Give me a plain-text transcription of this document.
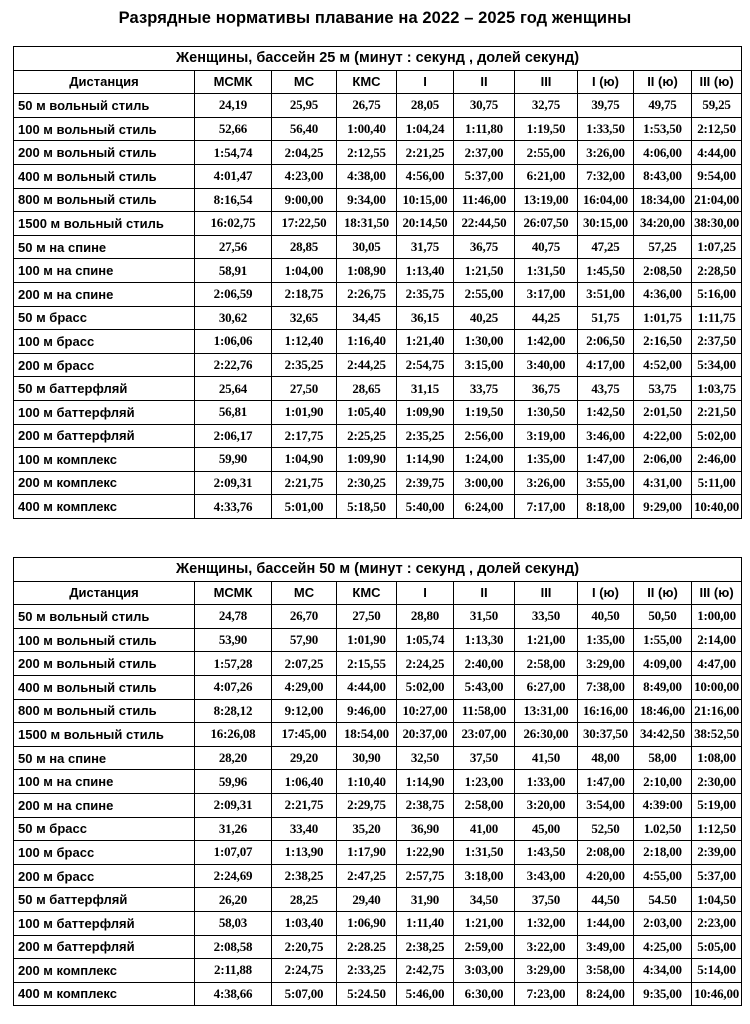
Разрядные нормативы плавание на 2022 – 2025 год женщины
Женщины, бассейн 25 м (минут : секунд , долей секунд)									
Дистанция	МСМК	МС	КМС	I	II	III	I (ю)	II (ю)	III (ю)
50 м вольный стиль	24,19	25,95	26,75	28,05	30,75	32,75	39,75	49,75	59,25
100 м вольный стиль	52,66	56,40	1:00,40	1:04,24	1:11,80	1:19,50	1:33,50	1:53,50	2:12,50
200 м вольный стиль	1:54,74	2:04,25	2:12,55	2:21,25	2:37,00	2:55,00	3:26,00	4:06,00	4:44,00
400 м вольный стиль	4:01,47	4:23,00	4:38,00	4:56,00	5:37,00	6:21,00	7:32,00	8:43,00	9:54,00
800 м вольный стиль	8:16,54	9:00,00	9:34,00	10:15,00	11:46,00	13:19,00	16:04,00	18:34,00	21:04,00
1500 м вольный стиль	16:02,75	17:22,50	18:31,50	20:14,50	22:44,50	26:07,50	30:15,00	34:20,00	38:30,00
50 м на спине	27,56	28,85	30,05	31,75	36,75	40,75	47,25	57,25	1:07,25
100 м на спине	58,91	1:04,00	1:08,90	1:13,40	1:21,50	1:31,50	1:45,50	2:08,50	2:28,50
200 м на спине	2:06,59	2:18,75	2:26,75	2:35,75	2:55,00	3:17,00	3:51,00	4:36,00	5:16,00
50 м брасс	30,62	32,65	34,45	36,15	40,25	44,25	51,75	1:01,75	1:11,75
100 м брасс	1:06,06	1:12,40	1:16,40	1:21,40	1:30,00	1:42,00	2:06,50	2:16,50	2:37,50
200 м брасс	2:22,76	2:35,25	2:44,25	2:54,75	3:15,00	3:40,00	4:17,00	4:52,00	5:34,00
50 м баттерфляй	25,64	27,50	28,65	31,15	33,75	36,75	43,75	53,75	1:03,75
100 м баттерфляй	56,81	1:01,90	1:05,40	1:09,90	1:19,50	1:30,50	1:42,50	2:01,50	2:21,50
200 м баттерфляй	2:06,17	2:17,75	2:25,25	2:35,25	2:56,00	3:19,00	3:46,00	4:22,00	5:02,00
100 м комплекс	59,90	1:04,90	1:09,90	1:14,90	1:24,00	1:35,00	1:47,00	2:06,00	2:46,00
200 м комплекс	2:09,31	2:21,75	2:30,25	2:39,75	3:00,00	3:26,00	3:55,00	4:31,00	5:11,00
400 м комплекс	4:33,76	5:01,00	5:18,50	5:40,00	6:24,00	7:17,00	8:18,00	9:29,00	10:40,00
Женщины, бассейн 50 м (минут : секунд , долей секунд)									
Дистанция	МСМК	МС	КМС	I	II	III	I (ю)	II (ю)	III (ю)
50 м вольный стиль	24,78	26,70	27,50	28,80	31,50	33,50	40,50	50,50	1:00,00
100 м вольный стиль	53,90	57,90	1:01,90	1:05,74	1:13,30	1:21,00	1:35,00	1:55,00	2:14,00
200 м вольный стиль	1:57,28	2:07,25	2:15,55	2:24,25	2:40,00	2:58,00	3:29,00	4:09,00	4:47,00
400 м вольный стиль	4:07,26	4:29,00	4:44,00	5:02,00	5:43,00	6:27,00	7:38,00	8:49,00	10:00,00
800 м вольный стиль	8:28,12	9:12,00	9:46,00	10:27,00	11:58,00	13:31,00	16:16,00	18:46,00	21:16,00
1500 м вольный стиль	16:26,08	17:45,00	18:54,00	20:37,00	23:07,00	26:30,00	30:37,50	34:42,50	38:52,50
50 м на спине	28,20	29,20	30,90	32,50	37,50	41,50	48,00	58,00	1:08,00
100 м на спине	59,96	1:06,40	1:10,40	1:14,90	1:23,00	1:33,00	1:47,00	2:10,00	2:30,00
200 м на спине	2:09,31	2:21,75	2:29,75	2:38,75	2:58,00	3:20,00	3:54,00	4:39:00	5:19,00
50 м брасс	31,26	33,40	35,20	36,90	41,00	45,00	52,50	1.02,50	1:12,50
100 м брасс	1:07,07	1:13,90	1:17,90	1:22,90	1:31,50	1:43,50	2:08,00	2:18,00	2:39,00
200 м брасс	2:24,69	2:38,25	2:47,25	2:57,75	3:18,00	3:43,00	4:20,00	4:55,00	5:37,00
50 м баттерфляй	26,20	28,25	29,40	31,90	34,50	37,50	44,50	54.50	1:04,50
100 м баттерфляй	58,03	1:03,40	1:06,90	1:11,40	1:21,00	1:32,00	1:44,00	2:03,00	2:23,00
200 м баттерфляй	2:08,58	2:20,75	2:28.25	2:38,25	2:59,00	3:22,00	3:49,00	4:25,00	5:05,00
200 м комплекс	2:11,88	2:24,75	2:33,25	2:42,75	3:03,00	3:29,00	3:58,00	4:34,00	5:14,00
400 м комплекс	4:38,66	5:07,00	5:24.50	5:46,00	6:30,00	7:23,00	8:24,00	9:35,00	10:46,00
